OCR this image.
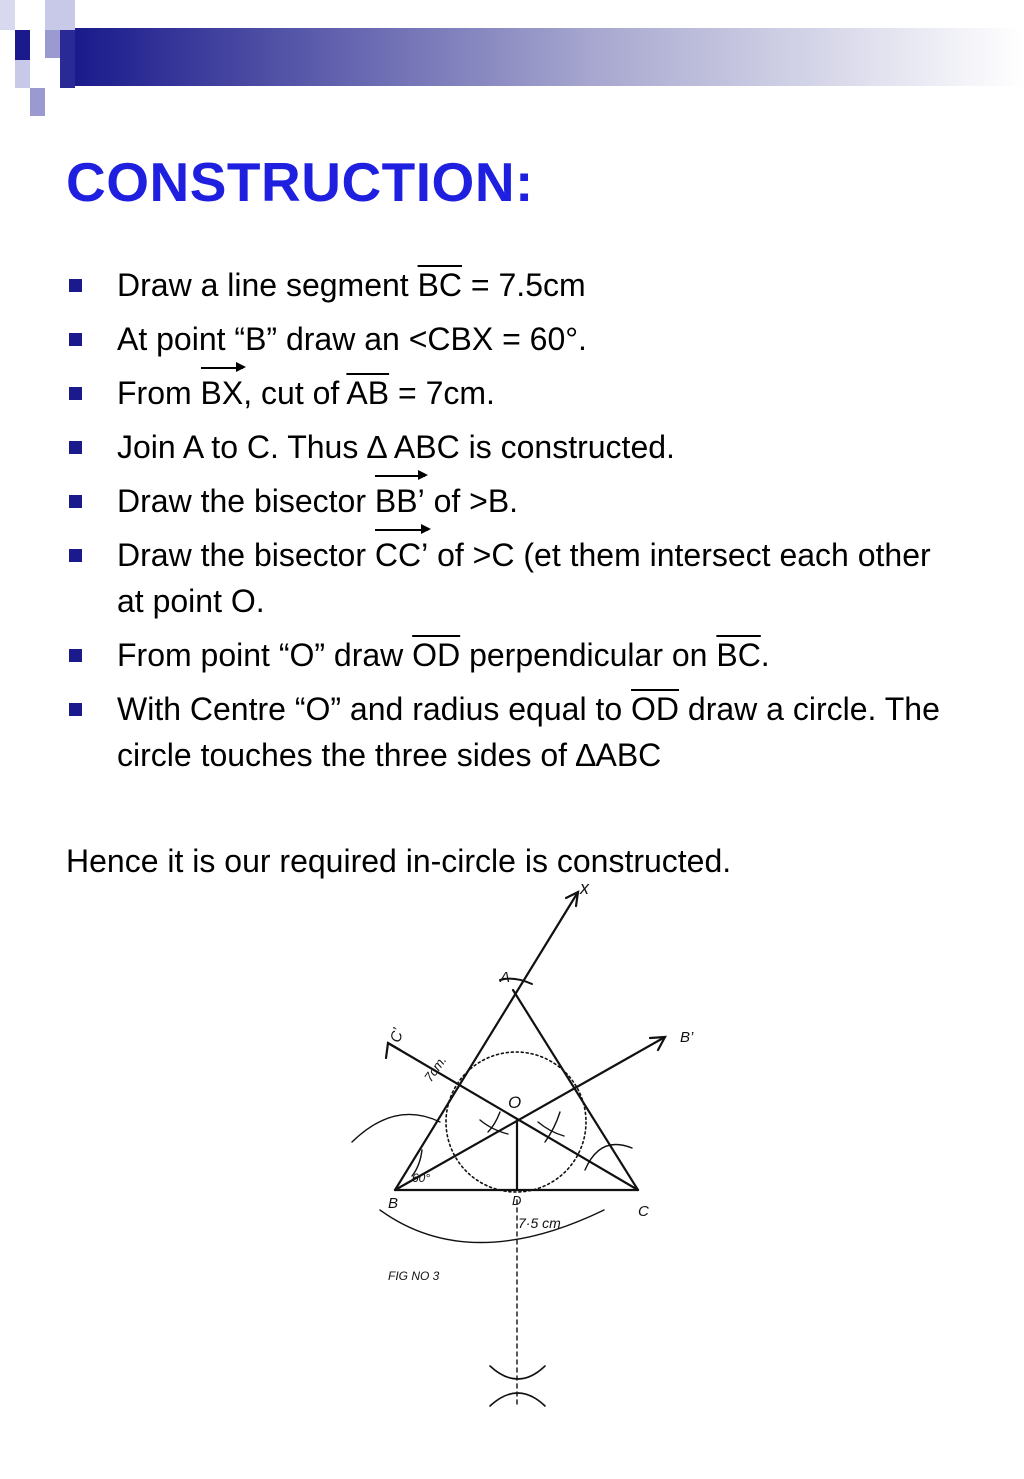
CONSTRUCTION:
Draw a line segment $\overline{BC} = 7.5cm$
At point “B” draw an <CBX = 60°.
From BX, cut of $\overline{AB} = 7cm$.
Join A to C. Thus ∆ ABC is constructed.
Draw the bisector BB’ of >B.
Draw the bisector CC’ of >C (et them intersect each other at point O.
From point “O” draw $\overline{OD}$ perpendicular on $\overline{BC}$.
With Centre “O” and radius equal to $\overline{OD}$ draw a circle. The circle touches the three sides of ∆ABC

Hence it is our required in-circle is constructed.

x
A
B’
C’
O
B	C
D
7cm.
60°
7·5 cm
FIG NO 3
